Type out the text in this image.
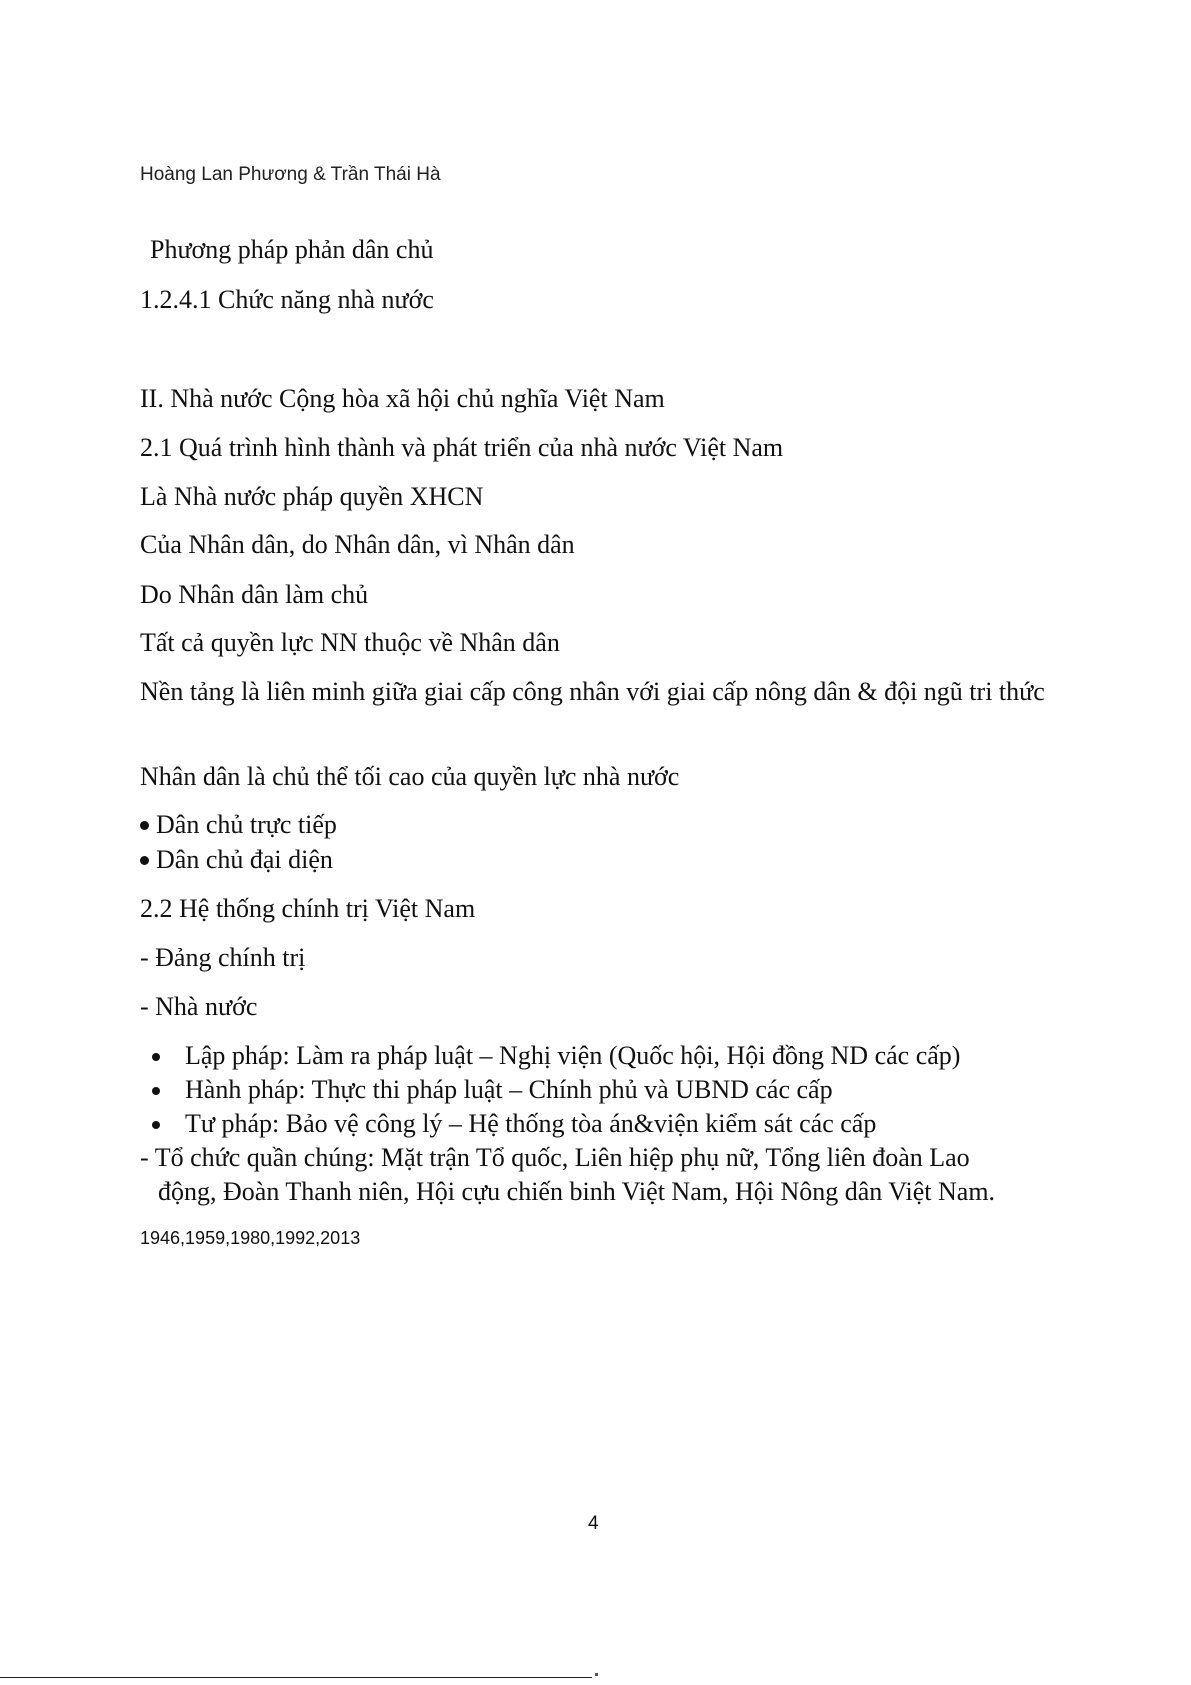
Hoàng Lan Phương & Trần Thái Hà
Phương pháp phản dân chủ
1.2.4.1 Chức năng nhà nước
II. Nhà nước Cộng hòa xã hội chủ nghĩa Việt Nam
2.1 Quá trình hình thành và phát triển của nhà nước Việt Nam
Là Nhà nước pháp quyền XHCN
Của Nhân dân, do Nhân dân, vì Nhân dân
Do Nhân dân làm chủ
Tất cả quyền lực NN thuộc về Nhân dân
Nền tảng là liên minh giữa giai cấp công nhân với giai cấp nông dân & đội ngũ tri thức
Nhân dân là chủ thể tối cao của quyền lực nhà nước
Dân chủ trực tiếp
Dân chủ đại diện
2.2 Hệ thống chính trị Việt Nam
- Đảng chính trị
- Nhà nước
Lập pháp: Làm ra pháp luật – Nghị viện (Quốc hội, Hội đồng ND các cấp)
Hành pháp: Thực thi pháp luật – Chính phủ và UBND các cấp
Tư pháp: Bảo vệ công lý – Hệ thống tòa án&viện kiểm sát các cấp
- Tổ chức quần chúng: Mặt trận Tổ quốc, Liên hiệp phụ nữ, Tổng liên đoàn Lao
động, Đoàn Thanh niên, Hội cựu chiến binh Việt Nam, Hội Nông dân Việt Nam.
1946,1959,1980,1992,2013
4
